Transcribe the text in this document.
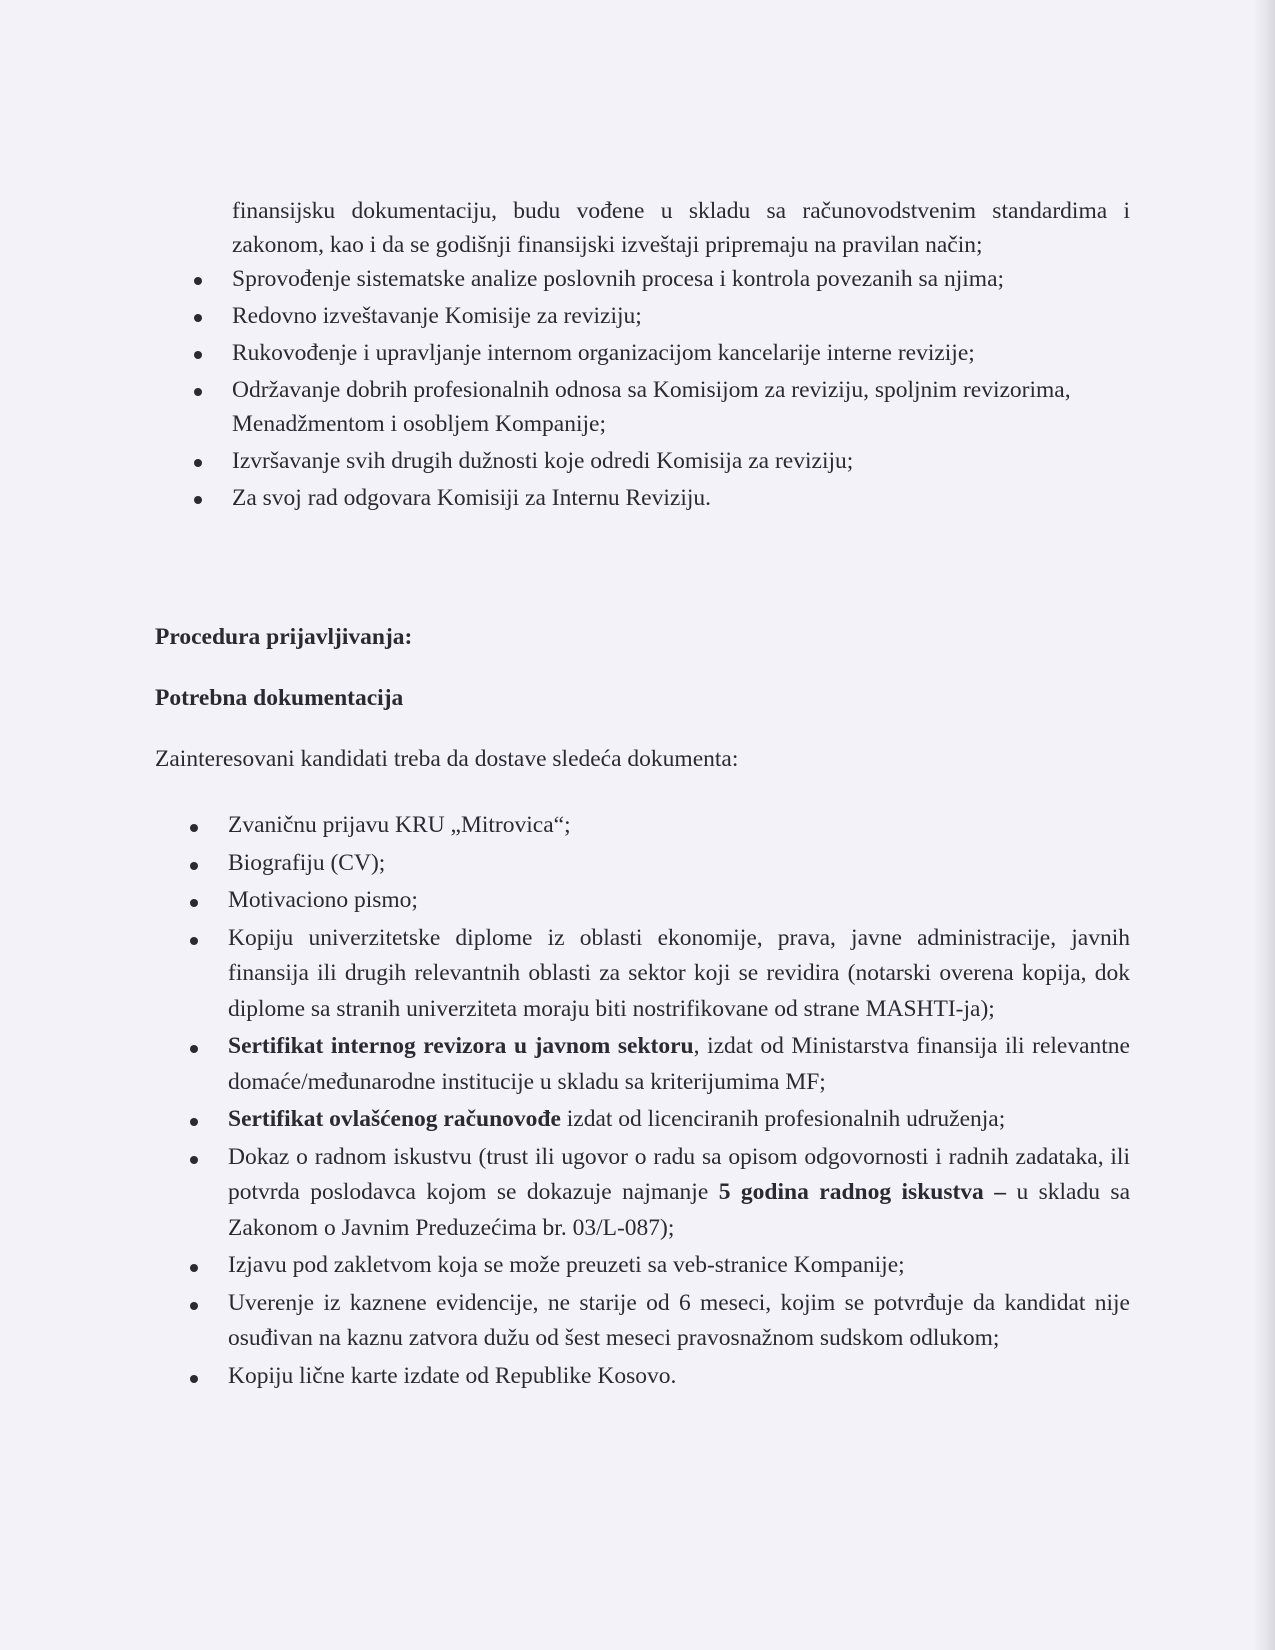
finansijsku dokumentaciju, budu vođene u skladu sa računovodstvenim standardima i zakonom, kao i da se godišnji finansijski izveštaji pripremaju na pravilan način;

Sprovođenje sistematske analize poslovnih procesa i kontrola povezanih sa njima;
Redovno izveštavanje Komisije za reviziju;
Rukovođenje i upravljanje internom organizacijom kancelarije interne revizije;
Održavanje dobrih profesionalnih odnosa sa Komisijom za reviziju, spoljnim revizorima, Menadžmentom i osobljem Kompanije;
Izvršavanje svih drugih dužnosti koje odredi Komisija za reviziju;
Za svoj rad odgovara Komisiji za Internu Reviziju.
Procedura prijavljivanja:
Potrebna dokumentacija
Zainteresovani kandidati treba da dostave sledeća dokumenta:
Zvaničnu prijavu KRU „Mitrovica“;
Biografiju (CV);
Motivaciono pismo;
Kopiju univerzitetske diplome iz oblasti ekonomije, prava, javne administracije, javnih finansija ili drugih relevantnih oblasti za sektor koji se revidira (notarski overena kopija, dok diplome sa stranih univerziteta moraju biti nostrifikovane od strane MASHTI-ja);
Sertifikat internog revizora u javnom sektoru, izdat od Ministarstva finansija ili relevantne domaće/međunarodne institucije u skladu sa kriterijumima MF;
Sertifikat ovlašćenog računovođe izdat od licenciranih profesionalnih udruženja;
Dokaz o radnom iskustvu (trust ili ugovor o radu sa opisom odgovornosti i radnih zadataka, ili potvrda poslodavca kojom se dokazuje najmanje 5 godina radnog iskustva – u skladu sa Zakonom o Javnim Preduzećima br. 03/L-087);
Izjavu pod zakletvom koja se može preuzeti sa veb-stranice Kompanije;
Uverenje iz kaznene evidencije, ne starije od 6 meseci, kojim se potvrđuje da kandidat nije osuđivan na kaznu zatvora dužu od šest meseci pravosnažnom sudskom odlukom;
Kopiju lične karte izdate od Republike Kosovo.
